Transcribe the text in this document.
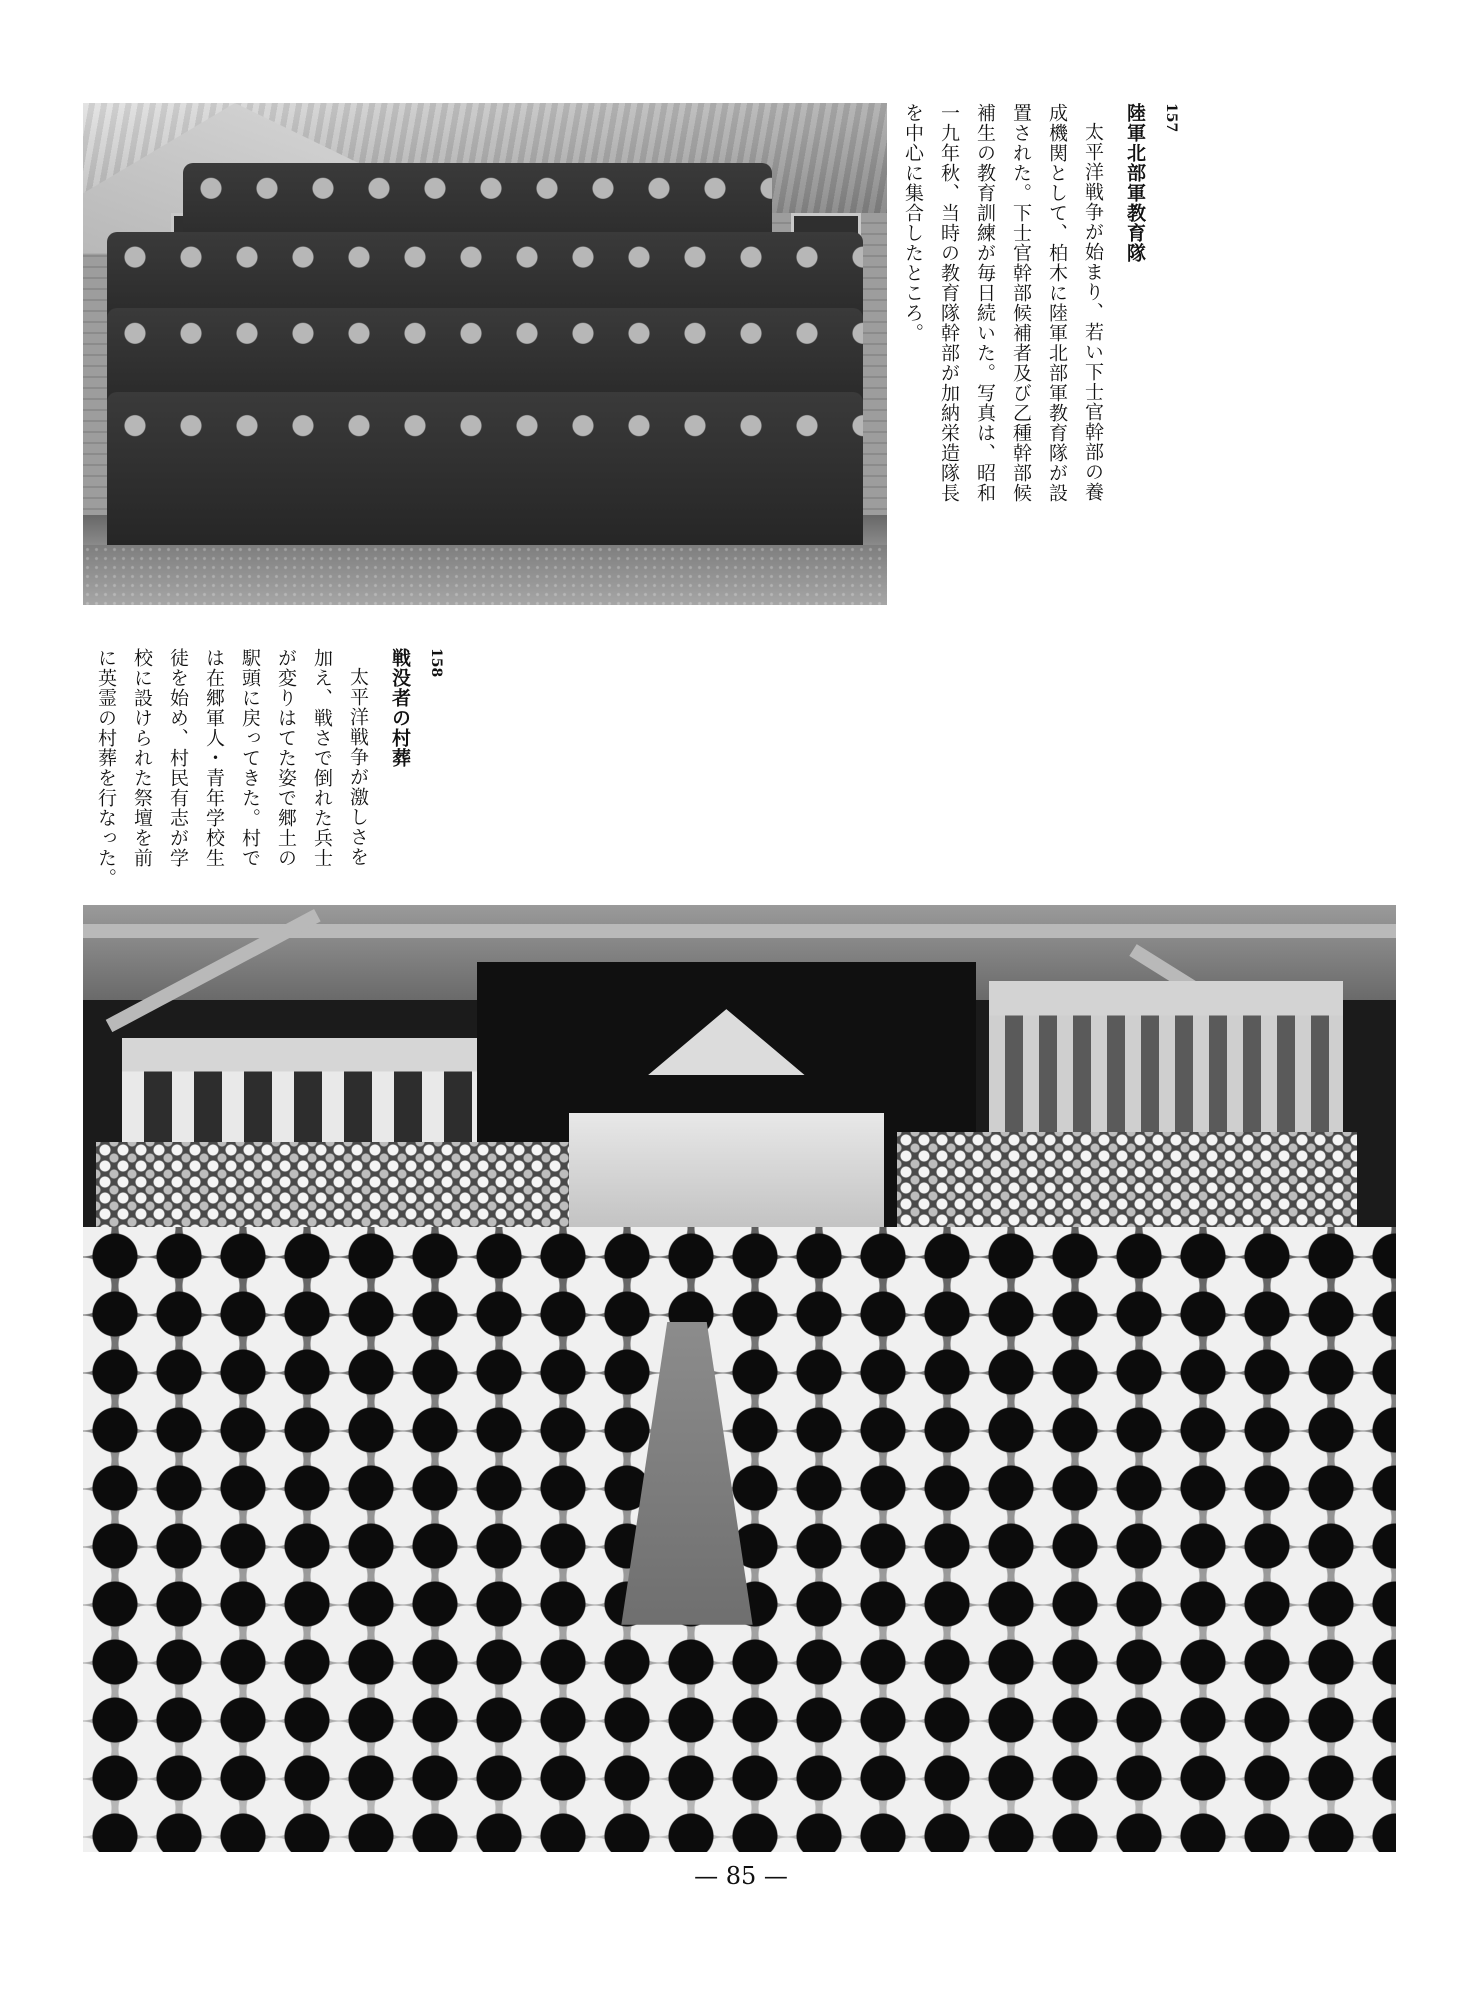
157
陸軍北部軍教育隊
太平洋戦争が始まり、若い下士官幹部の養
成機関として、柏木に陸軍北部軍教育隊が設
置された。下士官幹部候補者及び乙種幹部候
補生の教育訓練が毎日続いた。写真は、昭和
一九年秋、当時の教育隊幹部が加納栄造隊長
を中心に集合したところ。
158
戦没者の村葬
太平洋戦争が激しさを
加え、戦さで倒れた兵士
が変りはてた姿で郷土の
駅頭に戻ってきた。村で
は在郷軍人・青年学校生
徒を始め、村民有志が学
校に設けられた祭壇を前
に英霊の村葬を行なった。
— 85 —
